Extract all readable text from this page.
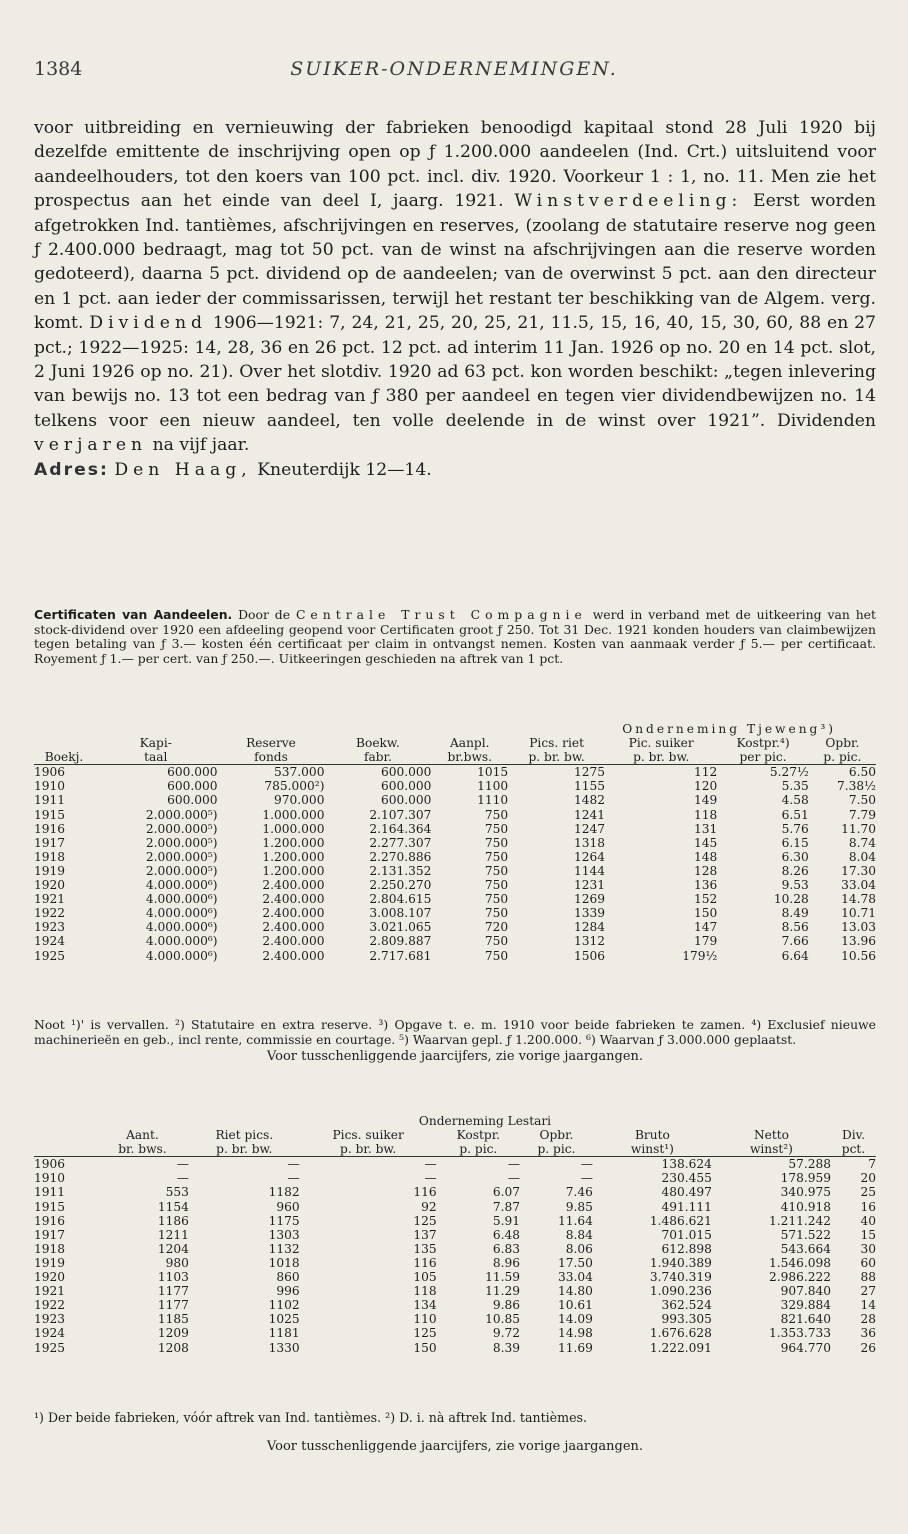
1384	SUIKER-ONDERNEMINGEN.

voor uitbreiding en vernieuwing der fabrieken benoodigd kapitaal stond 28 Juli 1920 bij dezelfde emittente de inschrijving open op ƒ 1.200.000 aandeelen (Ind. Crt.) uitsluitend voor aandeelhouders, tot den koers van 100 pct. incl. div. 1920. Voorkeur 1 : 1, no. 11. Men zie het prospectus aan het einde van deel I, jaarg. 1921. Winstverdeeling: Eerst worden afgetrokken Ind. tantièmes, afschrijvingen en reserves, (zoolang de statutaire reserve nog geen ƒ 2.400.000 bedraagt, mag tot 50 pct. van de winst na afschrijvingen aan die reserve worden gedoteerd), daarna 5 pct. dividend op de aandeelen; van de overwinst 5 pct. aan den directeur en 1 pct. aan ieder der commissarissen, terwijl het restant ter beschikking van de Algem. verg. komt. Dividend 1906—1921: 7, 24, 21, 25, 20, 25, 21, 11.5, 15, 16, 40, 15, 30, 60, 88 en 27 pct.; 1922—1925: 14, 28, 36 en 26 pct. 12 pct. ad interim 11 Jan. 1926 op no. 20 en 14 pct. slot, 2 Juni 1926 op no. 21). Over het slotdiv. 1920 ad 63 pct. kon worden beschikt: „tegen inlevering van bewijs no. 13 tot een bedrag van ƒ 380 per aandeel en tegen vier dividendbewijzen no. 14 telkens voor een nieuw aandeel, ten volle deelende in de winst over 1921”. Dividenden verjaren na vijf jaar.

Adres: Den Haag, Kneuterdijk 12—14.

Certificaten van Aandeelen. Door de Centrale Trust Compagnie werd in verband met de uitkeering van het stock-dividend over 1920 een afdeeling geopend voor Certificaten groot ƒ 250. Tot 31 Dec. 1921 konden houders van claimbewijzen tegen betaling van ƒ 3.— kosten één certificaat per claim in ontvangst nemen. Kosten van aanmaak verder ƒ 5.— per certificaat. Royement ƒ 1.— per cert. van ƒ 250.—. Uitkeeringen geschieden na aftrek van 1 pct.
Onderneming Tjeweng³)								
	Kapi-	Reserve	Boekw.	Aanpl.	Pics. riet	Pic. suiker	Kostpr.⁴)	Opbr.
Boekj.	taal	fonds	fabr.	br.bws.	p. br. bw.	p. br. bw.	per pic.	p. pic.
1906	600.000	537.000	600.000	1015	1275	112	5.27½	6.50
1910	600.000	785.000²)	600.000	1100	1155	120	5.35	7.38½
1911	600.000	970.000	600.000	1110	1482	149	4.58	7.50
1915	2.000.000⁵)	1.000.000	2.107.307	750	1241	118	6.51	7.79
1916	2.000.000⁵)	1.000.000	2.164.364	750	1247	131	5.76	11.70
1917	2.000.000⁵)	1.200.000	2.277.307	750	1318	145	6.15	8.74
1918	2.000.000⁵)	1.200.000	2.270.886	750	1264	148	6.30	8.04
1919	2.000.000⁵)	1.200.000	2.131.352	750	1144	128	8.26	17.30
1920	4.000.000⁶)	2.400.000	2.250.270	750	1231	136	9.53	33.04
1921	4.000.000⁶)	2.400.000	2.804.615	750	1269	152	10.28	14.78
1922	4.000.000⁶)	2.400.000	3.008.107	750	1339	150	8.49	10.71
1923	4.000.000⁶)	2.400.000	3.021.065	720	1284	147	8.56	13.03
1924	4.000.000⁶)	2.400.000	2.809.887	750	1312	179	7.66	13.96
1925	4.000.000⁶)	2.400.000	2.717.681	750	1506	179½	6.64	10.56
Noot ¹)' is vervallen. ²) Statutaire en extra reserve. ³) Opgave t. e. m. 1910 voor beide fabrieken te zamen. ⁴) Exclusief nieuwe machinerieën en geb., incl rente, commissie en courtage. ⁵) Waarvan gepl. ƒ 1.200.000. ⁶) Waarvan ƒ 3.000.000 geplaatst.
Voor tusschenliggende jaarcijfers, zie vorige jaargangen.
Onderneming Lestari								
	Aant.	Riet pics.	Pics. suiker	Kostpr.	Opbr.	Bruto	Netto	Div.
	br. bws.	p. br. bw.	p. br. bw.	p. pic.	p. pic.	winst¹)	winst²)	pct.
1906	—	—	—	—	—	138.624	57.288	7
1910	—	—	—	—	—	230.455	178.959	20
1911	553	1182	116	6.07	7.46	480.497	340.975	25
1915	1154	960	92	7.87	9.85	491.111	410.918	16
1916	1186	1175	125	5.91	11.64	1.486.621	1.211.242	40
1917	1211	1303	137	6.48	8.84	701.015	571.522	15
1918	1204	1132	135	6.83	8.06	612.898	543.664	30
1919	980	1018	116	8.96	17.50	1.940.389	1.546.098	60
1920	1103	860	105	11.59	33.04	3.740.319	2.986.222	88
1921	1177	996	118	11.29	14.80	1.090.236	907.840	27
1922	1177	1102	134	9.86	10.61	362.524	329.884	14
1923	1185	1025	110	10.85	14.09	993.305	821.640	28
1924	1209	1181	125	9.72	14.98	1.676.628	1.353.733	36
1925	1208	1330	150	8.39	11.69	1.222.091	964.770	26
¹) Der beide fabrieken, vóór aftrek van Ind. tantièmes. ²) D. i. nà aftrek Ind. tantièmes.
Voor tusschenliggende jaarcijfers, zie vorige jaargangen.
